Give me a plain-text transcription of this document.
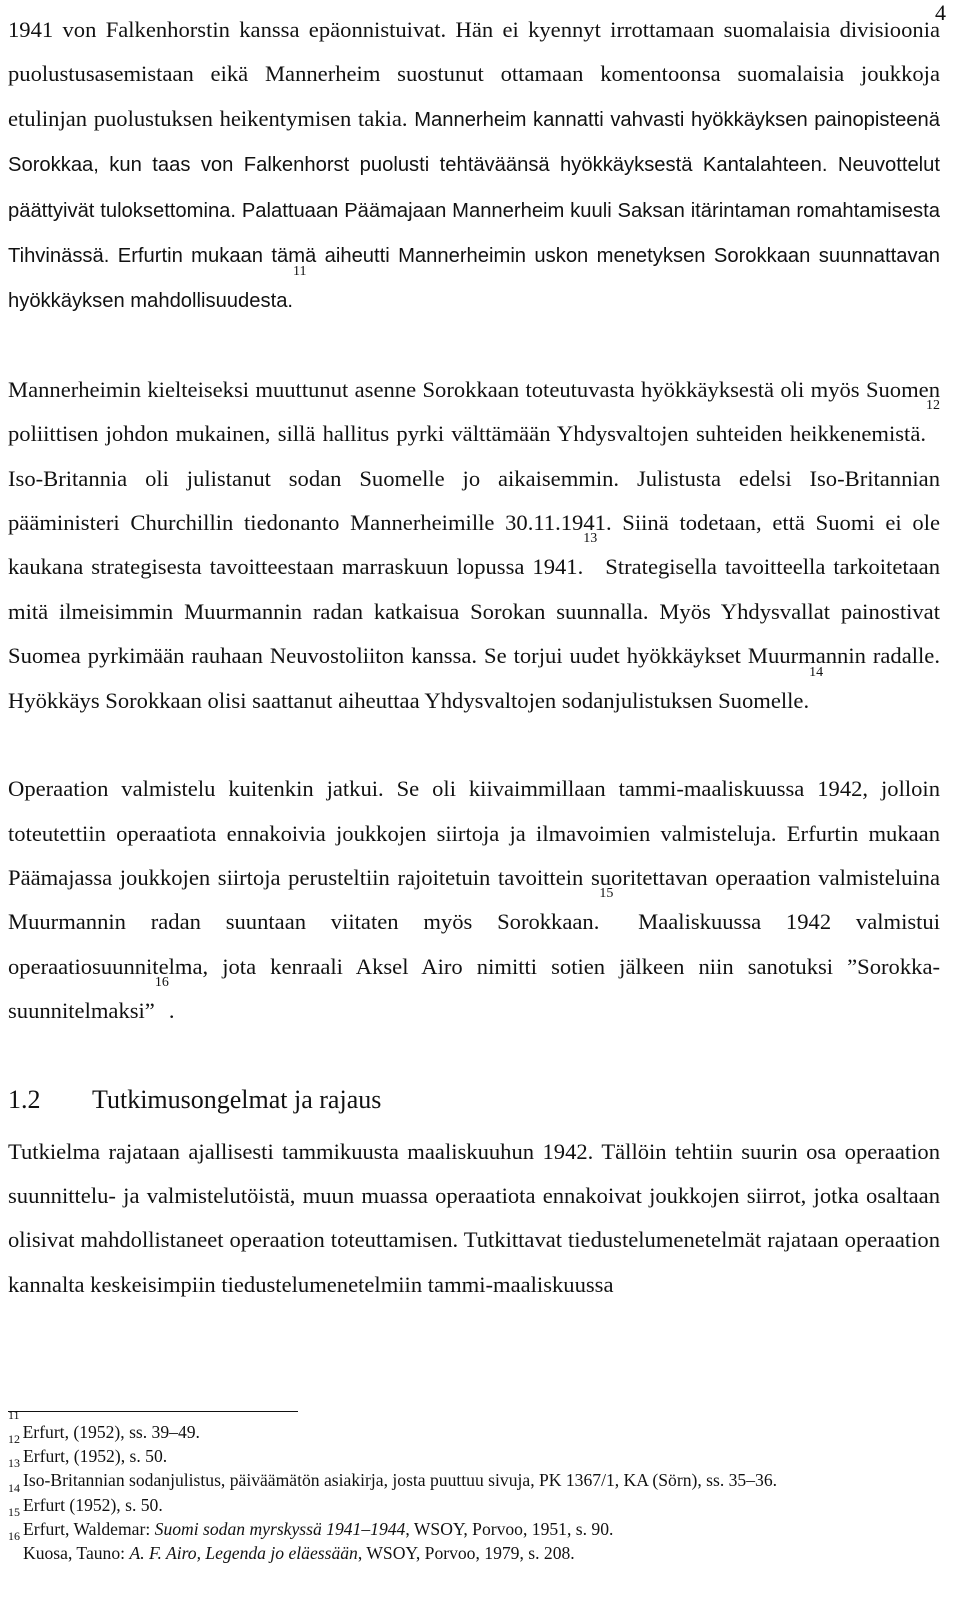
4

1941 von Falkenhorstin kanssa epäonnistuivat. Hän ei kyennyt irrottamaan suomalaisia divisioonia puolustusasemistaan eikä Mannerheim suostunut ottamaan komentoonsa suomalaisia joukkoja etulinjan puolustuksen heikentymisen takia. Mannerheim kannatti vahvasti hyökkäyksen painopisteenä Sorokkaa, kun taas von Falkenhorst puolusti tehtäväänsä hyökkäyksestä Kantalahteen. Neuvottelut päättyivät tuloksettomina. Palattuaan Päämajaan Mannerheim kuuli Saksan itärintaman romahtamisesta Tihvinässä. Erfurtin mukaan tämä aiheutti Mannerheimin uskon menetyksen Sorokkaan suunnattavan hyökkäyksen mahdollisuudesta.$^{11}$

Mannerheimin kielteiseksi muuttunut asenne Sorokkaan toteutuvasta hyökkäyksestä oli myös Suomen poliittisen johdon mukainen, sillä hallitus pyrki välttämään Yhdysvaltojen suhteiden heikkenemistä.$^{12}$ Iso-Britannia oli julistanut sodan Suomelle jo aikaisemmin. Julistusta edelsi Iso-Britannian pääministeri Churchillin tiedonanto Mannerheimille 30.11.1941. Siinä todetaan, että Suomi ei ole kaukana strategisesta tavoitteestaan marraskuun lopussa 1941.13 Strategisella tavoitteella tarkoitetaan mitä ilmeisimmin Muurmannin radan katkaisua Sorokan suunnalla. Myös Yhdysvallat painostivat Suomea pyrkimään rauhaan Neuvostoliiton kanssa. Se torjui uudet hyökkäykset Muurmannin radalle. Hyökkäys Sorokkaan olisi saattanut aiheuttaa Yhdysvaltojen sodanjulistuksen Suomelle.$^{14}$

Operaation valmistelu kuitenkin jatkui. Se oli kiivaimmillaan tammi-maaliskuussa 1942, jolloin toteutettiin operaatiota ennakoivia joukkojen siirtoja ja ilmavoimien valmisteluja. Erfurtin mukaan Päämajassa joukkojen siirtoja perusteltiin rajoitetuin tavoittein suoritettavan operaation valmisteluina Muurmannin radan suuntaan viitaten myös Sorokkaan.$^{15}$ Maaliskuussa 1942 valmistui operaatiosuunnitelma, jota kenraali Aksel Airo nimitti sotien jälkeen niin sanotuksi ”Sorokka-suunnitelmaksi”$^{16}$.

1.2 Tutkimusongelmat ja rajaus

Tutkielma rajataan ajallisesti tammikuusta maaliskuuhun 1942. Tällöin tehtiin suurin osa operaation suunnittelu- ja valmistelutöistä, muun muassa operaatiota ennakoivat joukkojen siirrot, jotka osaltaan olisivat mahdollistaneet operaation toteuttamisen. Tutkittavat tiedustelumenetelmät rajataan operaation kannalta keskeisimpiin tiedustelumenetelmiin tammi-maaliskuussa

$^{11}$Erfurt, (1952), ss. 39–49.

$^{12}$Erfurt, (1952), s. 50.

$^{13}$Iso-Britannian sodanjulistus, päiväämätön asiakirja, josta puuttuu sivuja, PK 1367/1, KA (Sörn), ss. 35–36.

$^{14}$Erfurt (1952), s. 50.

$^{15}$Erfurt, Waldemar: Suomi sodan myrskyssä 1941–1944, WSOY, Porvoo, 1951, s. 90.

$^{16}$Kuosa, Tauno: A. F. Airo, Legenda jo eläessään, WSOY, Porvoo, 1979, s. 208.
